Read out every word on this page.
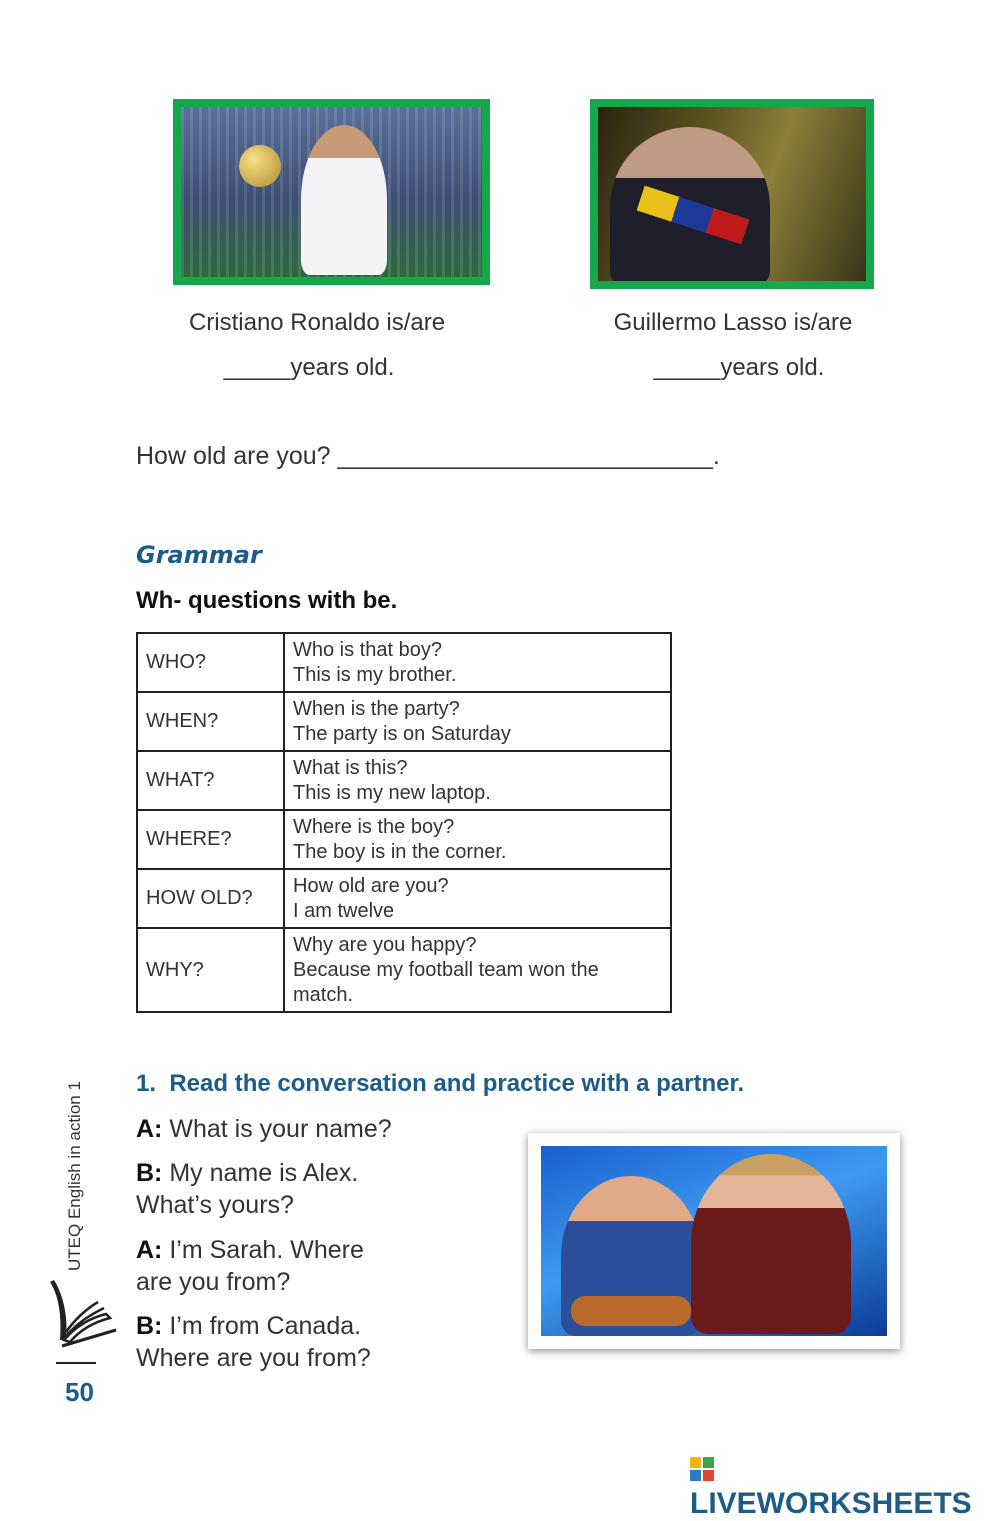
Cristiano Ronaldo is/are
_____years old.
Guillermo Lasso is/are
_____years old.
How old are you? ___________________________.
Grammar
Wh- questions with be.
WHO?	Who is that boy?
This is my brother.

WHEN?	When is the party?
The party is on Saturday

WHAT?	What is this?
This is my new laptop.

WHERE?	Where is the boy?
The boy is in the corner.

HOW OLD?	How old are you?
I am twelve

WHY?	Why are you happy?
Because my football team won the match.
1.  Read the conversation and practice with a partner.
A: What is your name?
B: My name is Alex.
What’s yours?
A: I’m Sarah. Where
are you from?
B: I’m from Canada.
Where are you from?
UTEQ English in action 1
50
LIVEWORKSHEETS
